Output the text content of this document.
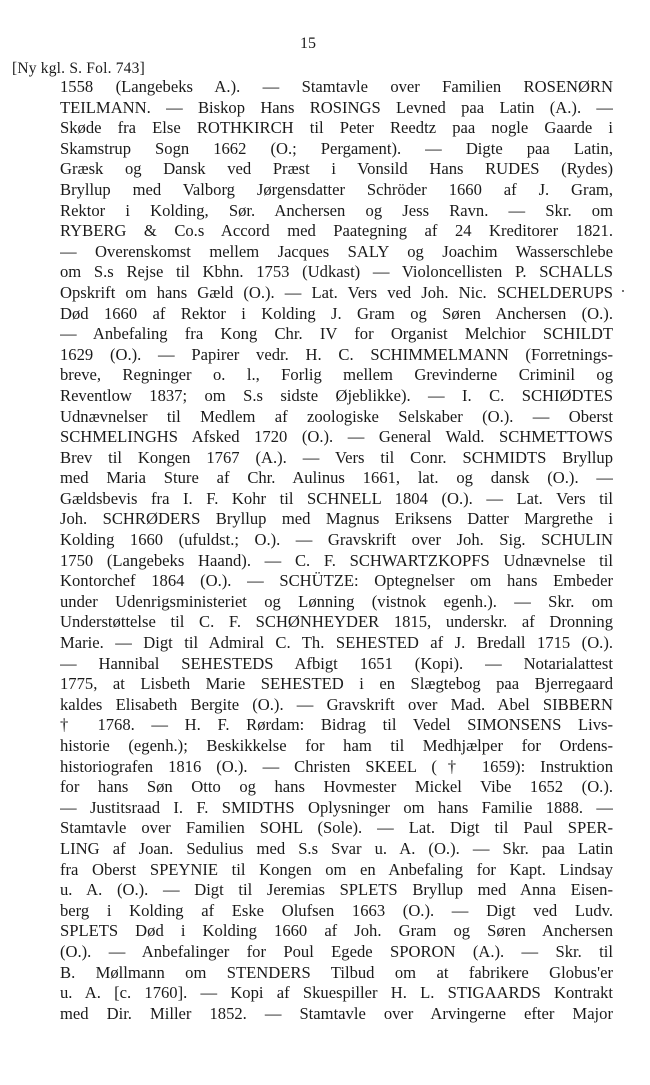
15
[Ny kgl. S. Fol. 743]
1558 (Langebeks A.). — Stamtavle over Familien ROSENØRN
TEILMANN. — Biskop Hans ROSINGS Levned paa Latin (A.). —
Skøde fra Else ROTHKIRCH til Peter Reedtz paa nogle Gaarde i
Skamstrup Sogn 1662 (O.; Pergament). — Digte paa Latin,
Græsk og Dansk ved Præst i Vonsild Hans RUDES (Rydes)
Bryllup med Valborg Jørgensdatter Schröder 1660 af J. Gram,
Rektor i Kolding, Sør. Anchersen og Jess Ravn. — Skr. om
RYBERG & Co.s Accord med Paategning af 24 Kreditorer 1821.
— Overenskomst mellem Jacques SALY og Joachim Wasserschlebe
om S.s Rejse til Kbhn. 1753 (Udkast) — Violoncellisten P. SCHALLS
Opskrift om hans Gæld (O.). — Lat. Vers ved Joh. Nic. SCHELDERUPS
Død 1660 af Rektor i Kolding J. Gram og Søren Anchersen (O.).
— Anbefaling fra Kong Chr. IV for Organist Melchior SCHILDT
1629 (O.). — Papirer vedr. H. C. SCHIMMELMANN (Forretnings-
breve, Regninger o. l., Forlig mellem Grevinderne Criminil og
Reventlow 1837; om S.s sidste Øjeblikke). — I. C. SCHIØDTES
Udnævnelser til Medlem af zoologiske Selskaber (O.). — Oberst
SCHMELINGHS Afsked 1720 (O.). — General Wald. SCHMETTOWS
Brev til Kongen 1767 (A.). — Vers til Conr. SCHMIDTS Bryllup
med Maria Sture af Chr. Aulinus 1661, lat. og dansk (O.). —
Gældsbevis fra I. F. Kohr til SCHNELL 1804 (O.). — Lat. Vers til
Joh. SCHRØDERS Bryllup med Magnus Eriksens Datter Margrethe i
Kolding 1660 (ufuldst.; O.). — Gravskrift over Joh. Sig. SCHULIN
1750 (Langebeks Haand). — C. F. SCHWARTZKOPFS Udnævnelse til
Kontorchef 1864 (O.). — SCHÜTZE: Optegnelser om hans Embeder
under Udenrigsministeriet og Lønning (vistnok egenh.). — Skr. om
Understøttelse til C. F. SCHØNHEYDER 1815, underskr. af Dronning
Marie. — Digt til Admiral C. Th. SEHESTED af J. Bredall 1715 (O.).
— Hannibal SEHESTEDS Afbigt 1651 (Kopi). — Notarialattest
1775, at Lisbeth Marie SEHESTED i en Slægtebog paa Bjerregaard
kaldes Elisabeth Bergite (O.). — Gravskrift over Mad. Abel SIBBERN
† 1768. — H. F. Rørdam: Bidrag til Vedel SIMONSENS Livs-
historie (egenh.); Beskikkelse for ham til Medhjælper for Ordens-
historiografen 1816 (O.). — Christen SKEEL († 1659): Instruktion
for hans Søn Otto og hans Hovmester Mickel Vibe 1652 (O.).
— Justitsraad I. F. SMIDTHS Oplysninger om hans Familie 1888. —
Stamtavle over Familien SOHL (Sole). — Lat. Digt til Paul SPER-
LING af Joan. Sedulius med S.s Svar u. A. (O.). — Skr. paa Latin
fra Oberst SPEYNIE til Kongen om en Anbefaling for Kapt. Lindsay
u. A. (O.). — Digt til Jeremias SPLETS Bryllup med Anna Eisen-
berg i Kolding af Eske Olufsen 1663 (O.). — Digt ved Ludv.
SPLETS Død i Kolding 1660 af Joh. Gram og Søren Anchersen
(O.). — Anbefalinger for Poul Egede SPORON (A.). — Skr. til
B. Møllmann om STENDERS Tilbud om at fabrikere Globus'er
u. A. [c. 1760]. — Kopi af Skuespiller H. L. STIGAARDS Kontrakt
med Dir. Miller 1852. — Stamtavle over Arvingerne efter Major
